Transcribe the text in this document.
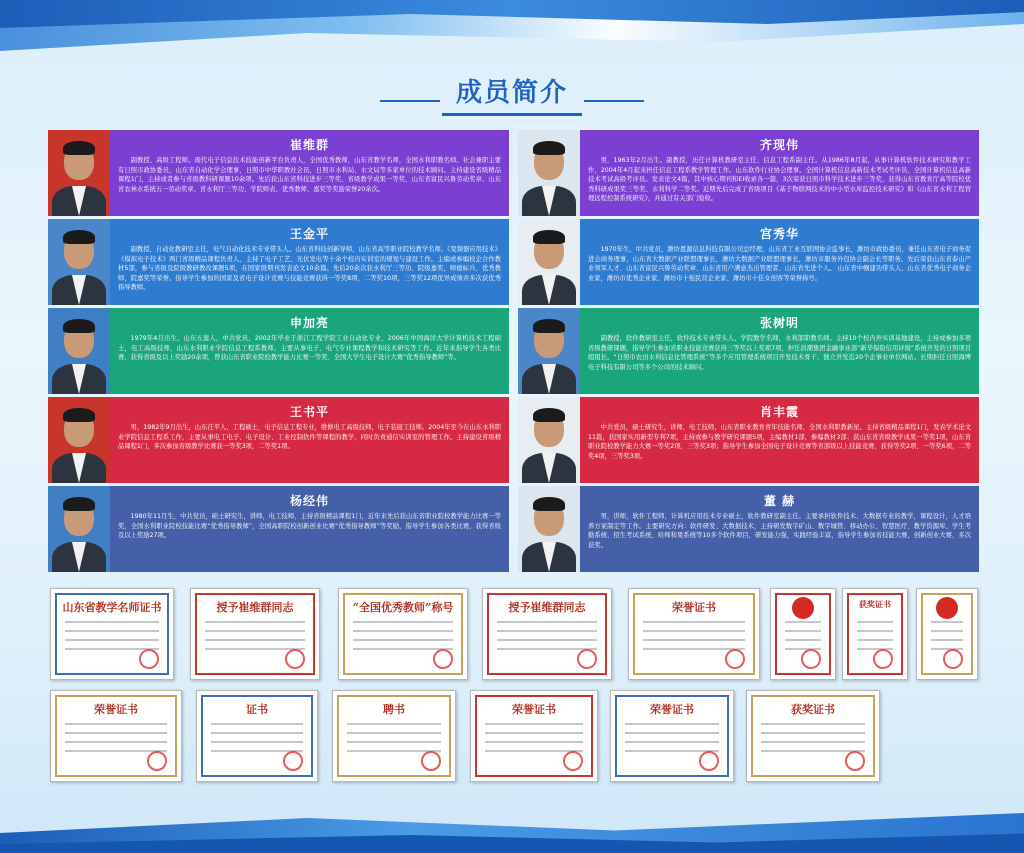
成员简介
崔维群
副教授、高级工程师。现代电子信息技术技能创新平台负责人，全国优秀教师，山东省教学名师，全国水利职教名师。社会兼职主要有日照市政协委员，山东省自动化学会理事，日照市中华职教社会员，日照市水利局、水文局等多家单位的技术顾问。主持建设省级精品课程1门，主持或者参与省级教科研课题10余项。先后获山东省科技进步三等奖、省级教学成果一等奖、山东省富民兴鲁劳动奖章、山东省农林水系统五一劳动奖章、省水利厅三等功、学院师表、优秀教师、嘉奖等奖励荣誉20余次。
齐现伟
男，1963年2月出生。副教授，历任计算机教研室主任、信息工程系副主任。从1986年8月起，从事计算机软件技术研究和教学工作，2004年4月起来担任信息工程系教学管理工作。山东软件行业协会理事。全国计算机信息高新技术考试考评员、全国计算机信息高新技术考试高级考评员。发表论文4篇，其中核心期刊和EI收录各一篇，3次荣获日照市科学技术进步三等奖，获得山东省教育厅高等院校优秀科研成果奖三等奖、水利科学二等奖。近期先后完成了省级项目《基于物联网技术的中小型水库监控技术研究》和《山东省水利工程管理远程控制系统研究》，并通过有关部门验收。
王金平
副教授，自动化教研室主任，电气自动化技术专业带头人。山东省科技创新导师，山东省高等职业院校教学名师。《变频器应用技术》《模拟电子技术》两门省级精品课程负责人，主持了电子工艺、光伏发电等十余个校内实训室的规划与建设工作。主编或参编校企合作教材5部，参与省级及院级教研教改课题5项，在国家级期刊发表论文10余篇。先后20余次获水利厅三等功、院级嘉奖，师德标兵、优秀教师，院嘉奖等荣誉。指导学生参加的国家及省电子设计竞赛与技能竞赛获得一等奖8项、二等奖10项，三等奖12项优异成绩并多次获优秀指导教师。
宫秀华
1970年生，中共党员，潍坊恩源信息科技有限公司总经理，山东省工业互联网协会监事长，潍坊市政协委员，兼任山东省电子商务促进会商务理事，山东省大数据产业联盟理事长，潍坊大数据产业联盟理事长，潍坊市服务外包协会副会长等职务。先后荣获山东省泰山产业领军人才、山东省富民兴鲁劳动奖章、山东省用户满意杰出管理者、山东省先进个人。 山东省中帼建功带头人、山东省优秀电子商务企业家，潍坊市优秀企业家、潍坊市十强民营企业家、潍坊市十佳女创客等荣誉称号。
申加亮
1979年4月出生，山东五莲人，中共党员，2002年毕业于浙江工程学院工业自动化专业，2006年中国海洋大学计算机技术工程硕士，电工高级技师，山东水利职业学院信息工程系教师。主要从事电子、电气专业课程教学和技术研究等工作。近年来指导学生各类比赛，获得省级及以上奖励20余项，曾获山东省职业院校教学能力比赛一等奖、全国大学生电子设计大赛“优秀指导教师”等。
张树明
副教授，软件教研室主任，软件技术专业带头人，学院教学名师，水利部职教名师。主持10个校内外实训基地建设，主持或参加多项省级教研课题，指导学生参加省职业技能竞赛获得三等奖以上奖项7项，担任浪潮集团金融事业部“新华保险信用评级”系统开发的日照项目组组长。“日照市农田水利信息化管理系统”等多个应用管理系统项目开发技术骨干，独立开发近20个企事业单位网站。长期担任日照海博电子科技有限公司等多个公司的技术顾问。
王书平
男，1982年9月出生，山东茌平人，工程硕士，电子信息工程专业，维修电工高级技师，电子装接工技师。2004年至今在山东水利职业学院信息工程系工作，主要从事电工电子、电子设计、工业控制软件等课程的教学，同时负责通信实训室的管理工作。主持建设省级精品课程1门，多次参加省级教学比赛获一等奖3项，二等奖1项。
肖丰霞
中共党员，硕士研究生，讲师，电工技师，山东省职业教育青年技能名师，全国水利职教新星。主持省级精品课程1门，发表学术论文11篇，获国家实用新型专利7项，主持或参与教学研究课题5项，主编教材1部，参编教材3部；获山东省省级教学成果一等奖1项，山东省职业院校教学能力大赛一等奖2项，三等奖3项；指导学生参加全国电子设计竞赛等省部级以上技能竞赛，获得等奖2项、一等奖6项，二等奖4项，三等奖3项。
杨经伟
1980年11月生，中共党员，硕士研究生，讲师，电工技师，主持省级精品课程1门，近年来先后获山东省职业院校教学能力比赛一等奖，全国水利职业院校技能比赛“优秀指导教师”，全国高职院校创新创业比赛“优秀指导教师”等奖励，指导学生参加各类比赛，获得省级及以上奖励27项。
董 赫
男，讲师，软件工程师，计算机应用技术专业硕士，软件教研室副主任。主要承担软件技术、大数据专业的教学，课程设计，人才培养方案制定等工作。主要研究方向：软件研发、大数据技术，主持研发数字矿山、数字城管、移动办公、智慧医疗、教学资源库、学生考勤系统、招生考试系统、哈师和果系统等10多个软件项目，研发能力强，实践经验丰富，指导学生参加省技能大赛，创新创业大赛，多次获奖。
山东省教学名师证书	授予崔维群同志	“全国优秀教师”称号	授予崔维群同志	荣誉证书	获奖证书
荣誉证书	证书	聘书	荣誉证书	荣誉证书	获奖证书
